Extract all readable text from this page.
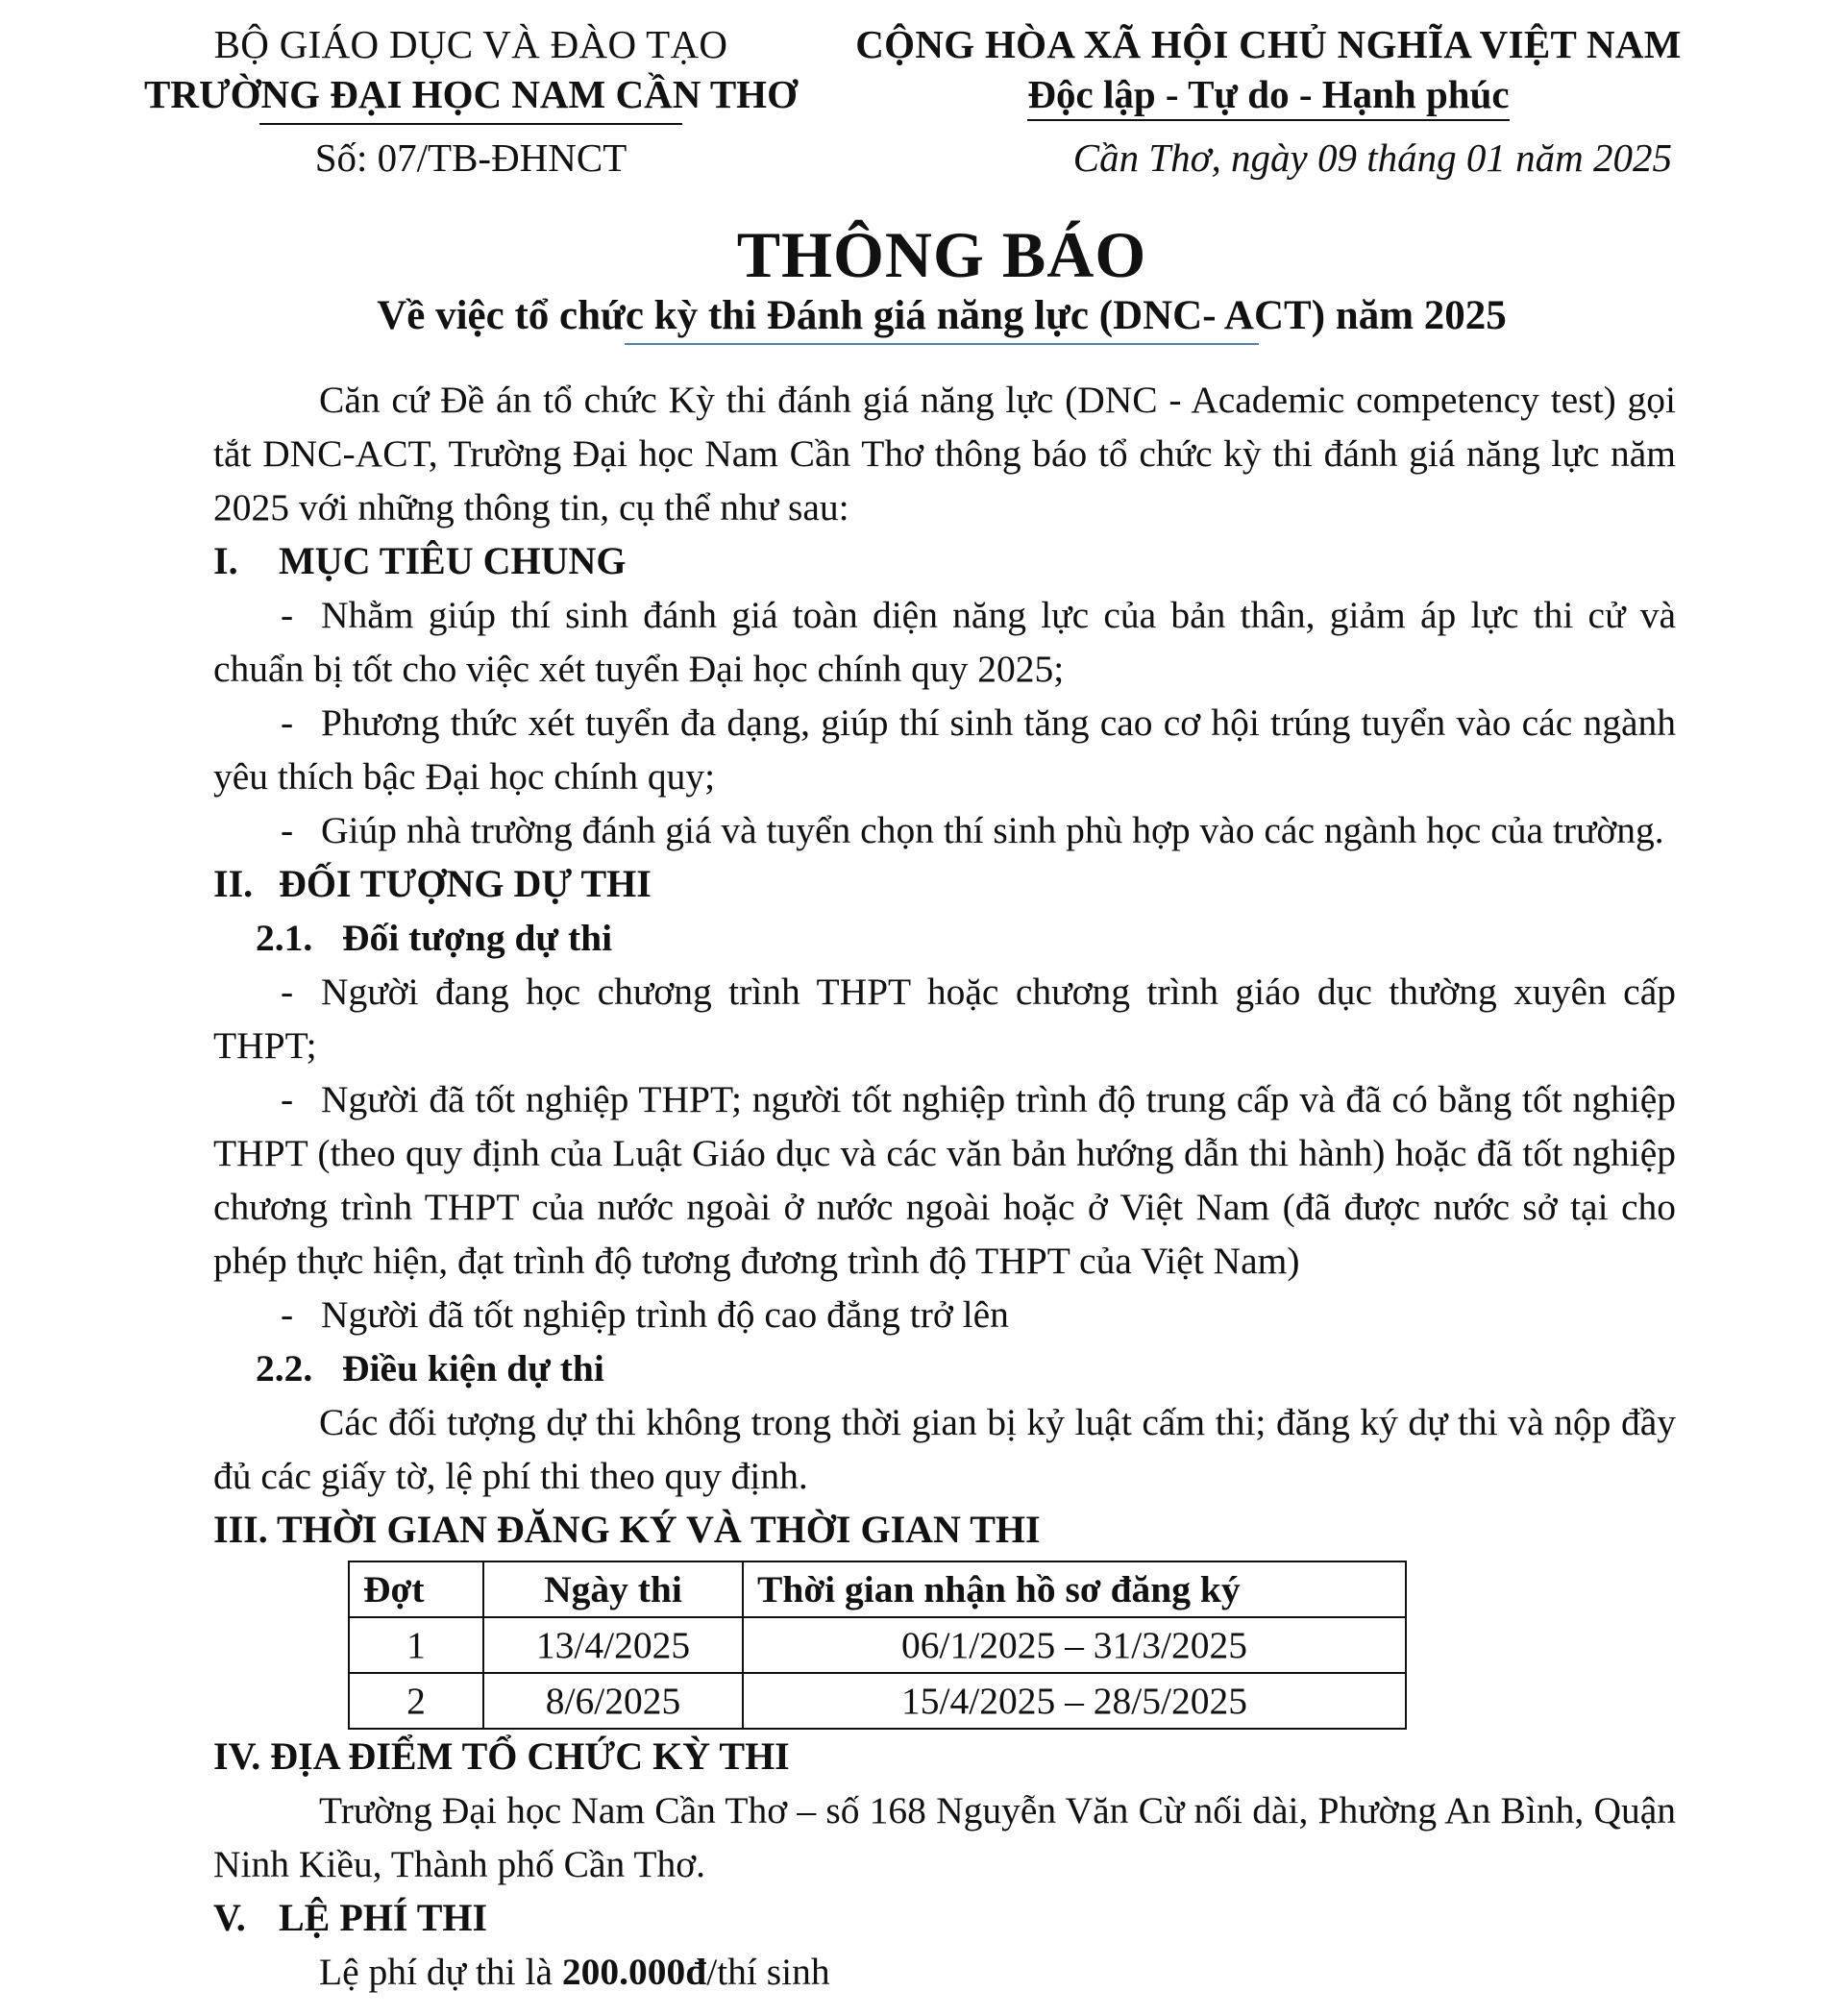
BỘ GIÁO DỤC VÀ ĐÀO TẠO
TRƯỜNG ĐẠI HỌC NAM CẦN THƠ
Số: 07/TB-ĐHNCT
CỘNG HÒA XÃ HỘI CHỦ NGHĨA VIỆT NAM
Độc lập - Tự do - Hạnh phúc
Cần Thơ, ngày 09 tháng 01 năm 2025
THÔNG BÁO
Về việc tổ chức kỳ thi Đánh giá năng lực (DNC- ACT) năm 2025

Căn cứ Đề án tổ chức Kỳ thi đánh giá năng lực (DNC - Academic competency test) gọi tắt DNC-ACT, Trường Đại học Nam Cần Thơ thông báo tổ chức kỳ thi đánh giá năng lực năm 2025 với những thông tin, cụ thể như sau:

I. MỤC TIÊU CHUNG

- Nhằm giúp thí sinh đánh giá toàn diện năng lực của bản thân, giảm áp lực thi cử và chuẩn bị tốt cho việc xét tuyển Đại học chính quy 2025;

- Phương thức xét tuyển đa dạng, giúp thí sinh tăng cao cơ hội trúng tuyển vào các ngành yêu thích bậc Đại học chính quy;

- Giúp nhà trường đánh giá và tuyển chọn thí sinh phù hợp vào các ngành học của trường.

II. ĐỐI TƯỢNG DỰ THI

2.1. Đối tượng dự thi

- Người đang học chương trình THPT hoặc chương trình giáo dục thường xuyên cấp THPT;

- Người đã tốt nghiệp THPT; người tốt nghiệp trình độ trung cấp và đã có bằng tốt nghiệp THPT (theo quy định của Luật Giáo dục và các văn bản hướng dẫn thi hành) hoặc đã tốt nghiệp chương trình THPT của nước ngoài ở nước ngoài hoặc ở Việt Nam (đã được nước sở tại cho phép thực hiện, đạt trình độ tương đương trình độ THPT của Việt Nam)

- Người đã tốt nghiệp trình độ cao đẳng trở lên

2.2. Điều kiện dự thi

Các đối tượng dự thi không trong thời gian bị kỷ luật cấm thi; đăng ký dự thi và nộp đầy đủ các giấy tờ, lệ phí thi theo quy định.

III. THỜI GIAN ĐĂNG KÝ VÀ THỜI GIAN THI

Đợt	Ngày thi	Thời gian nhận hồ sơ đăng ký
1	13/4/2025	06/1/2025 – 31/3/2025
2	8/6/2025	15/4/2025 – 28/5/2025

IV. ĐỊA ĐIỂM TỔ CHỨC KỲ THI

Trường Đại học Nam Cần Thơ – số 168 Nguyễn Văn Cừ nối dài, Phường An Bình, Quận Ninh Kiều, Thành phố Cần Thơ.

V. LỆ PHÍ THI

Lệ phí dự thi là 200.000đ/thí sinh
